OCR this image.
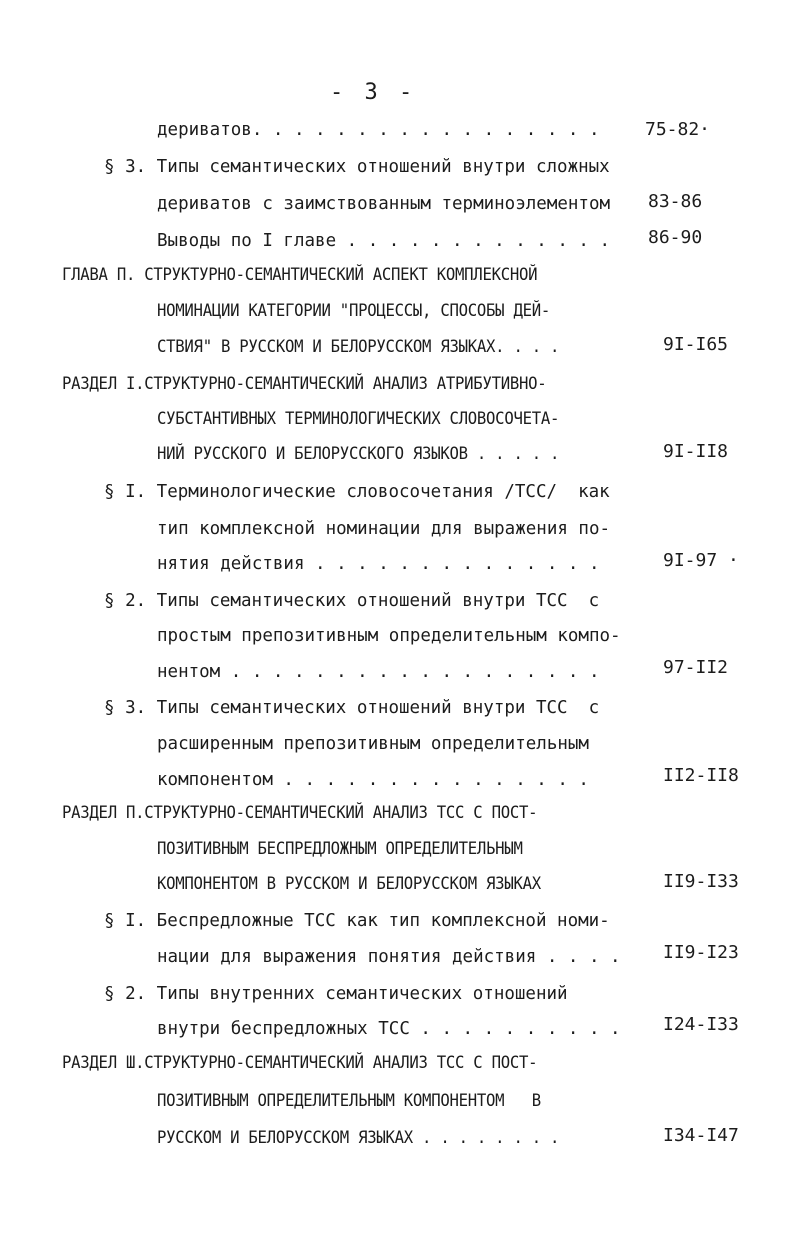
- 3 -
дериватов. . . . . . . . . . . . . . . . .	75-82·
§ 3. Типы семантических отношений внутри сложных
дериватов с заимствованным терминоэлементом 83-86
Выводы по I главе . . . . . . . . . . . . . 86-90
ГЛАВА П. СТРУКТУРНО-СЕМАНТИЧЕСКИЙ АСПЕКТ КОМПЛЕКСНОЙ
НОМИНАЦИИ КАТЕГОРИИ "ПРОЦЕССЫ, СПОСОБЫ ДЕЙ-
СТВИЯ" В РУССКОМ И БЕЛОРУССКОМ ЯЗЫКАХ. . . .	9I-I65
РАЗДЕЛ I.СТРУКТУРНО-СЕМАНТИЧЕСКИЙ АНАЛИЗ АТРИБУТИВНО-
СУБСТАНТИВНЫХ ТЕРМИНОЛОГИЧЕСКИХ СЛОВОСОЧЕТА-
НИЙ РУССКОГО И БЕЛОРУССКОГО ЯЗЫКОВ . . . . .	9I-II8
§ I. Терминологические словосочетания /ТСС/  как
тип комплексной номинации для выражения по-
нятия действия . . . . . . . . . . . . . .	9I-97 ·
§ 2. Типы семантических отношений внутри ТСС  с
простым препозитивным определительным компо-
нентом . . . . . . . . . . . . . . . . . .	97-II2
§ 3. Типы семантических отношений внутри ТСС  с
расширенным препозитивным определительным
компонентом . . . . . . . . . . . . . . .	II2-II8
РАЗДЕЛ П.СТРУКТУРНО-СЕМАНТИЧЕСКИЙ АНАЛИЗ ТСС С ПОСТ-
ПОЗИТИВНЫМ БЕСПРЕДЛОЖНЫМ ОПРЕДЕЛИТЕЛЬНЫМ
КОМПОНЕНТОМ В РУССКОМ И БЕЛОРУССКОМ ЯЗЫКАХ	II9-I33
§ I. Беспредложные ТСС как тип комплексной номи-
нации для выражения понятия действия . . . . II9-I23
§ 2. Типы внутренних семантических отношений
внутри беспредложных ТСС . . . . . . . . . . I24-I33
РАЗДЕЛ Ш.СТРУКТУРНО-СЕМАНТИЧЕСКИЙ АНАЛИЗ ТСС С ПОСТ-
ПОЗИТИВНЫМ ОПРЕДЕЛИТЕЛЬНЫМ КОМПОНЕНТОМ   В
РУССКОМ И БЕЛОРУССКОМ ЯЗЫКАХ . . . . . . . .	I34-I47
